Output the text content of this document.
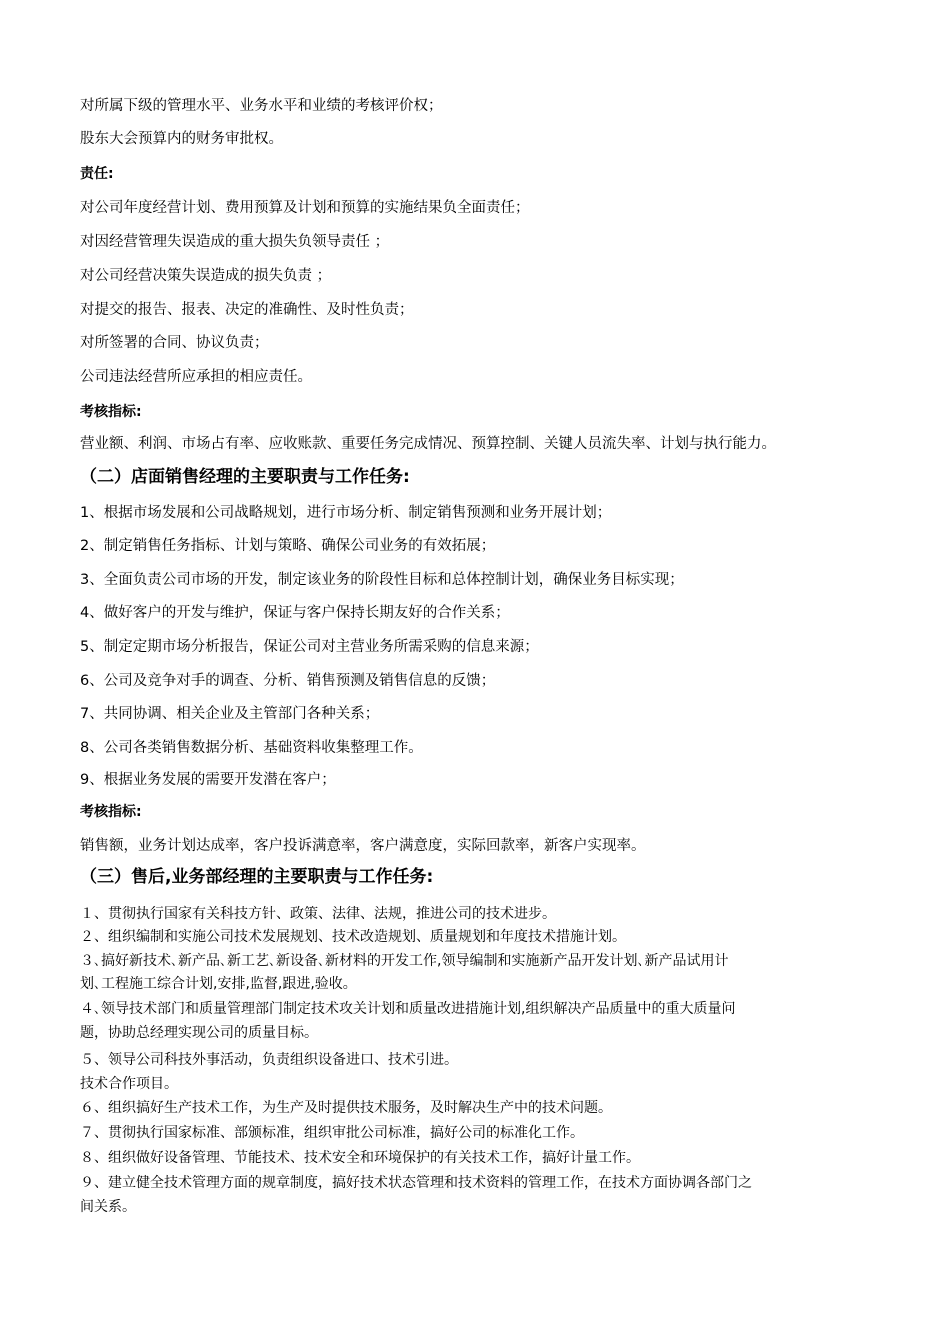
对所属下级的管理水平、业务水平和业绩的考核评价权；
股东大会预算内的财务审批权。
责任:
对公司年度经营计划、费用预算及计划和预算的实施结果负全面责任；
对因经营管理失误造成的重大损失负领导责任 ；
对公司经营决策失误造成的损失负责 ；
对提交的报告、报表、决定的准确性、及时性负责；
对所签署的合同、协议负责；
公司违法经营所应承担的相应责任。
考核指标:
营业额、利润、市场占有率、应收账款、重要任务完成情况、预算控制、关键人员流失率、计划与执行能力。
（二）店面销售经理的主要职责与工作任务:
1、根据市场发展和公司战略规划，进行市场分析、制定销售预测和业务开展计划；
2、制定销售任务指标、计划与策略、确保公司业务的有效拓展；
3、全面负责公司市场的开发，制定该业务的阶段性目标和总体控制计划，确保业务目标实现；
4、做好客户的开发与维护，保证与客户保持长期友好的合作关系；
5、制定定期市场分析报告，保证公司对主营业务所需采购的信息来源；
6、公司及竞争对手的调查、分析、销售预测及销售信息的反馈；
7、共同协调、相关企业及主管部门各种关系；
8、公司各类销售数据分析、基础资料收集整理工作。
9、根据业务发展的需要开发潜在客户；
考核指标:
销售额，业务计划达成率，客户投诉满意率，客户满意度，实际回款率，新客户实现率。
（三）售后,业务部经理的主要职责与工作任务:
１、贯彻执行国家有关科技方针、政策、法律、法规，推进公司的技术进步。
２、组织编制和实施公司技术发展规划、技术改造规划、质量规划和年度技术措施计划。
３､搞好新技术､新产品､新工艺､新设备､新材料的开发工作,领导编制和实施新产品开发计划､新产品试用计
划､工程施工综合计划,安排,监督,跟进,验收。
４､领导技术部门和质量管理部门制定技术攻关计划和质量改进措施计划,组织解决产品质量中的重大质量问
题，协助总经理实现公司的质量目标。
５、领导公司科技外事活动，负责组织设备进口、技术引进。
技术合作项目。
６、组织搞好生产技术工作，为生产及时提供技术服务，及时解决生产中的技术问题。
７、贯彻执行国家标准、部颁标准，组织审批公司标准，搞好公司的标准化工作。
８、组织做好设备管理、节能技术、技术安全和环境保护的有关技术工作，搞好计量工作。
９、建立健全技术管理方面的规章制度，搞好技术状态管理和技术资料的管理工作，在技术方面协调各部门之
间关系。
